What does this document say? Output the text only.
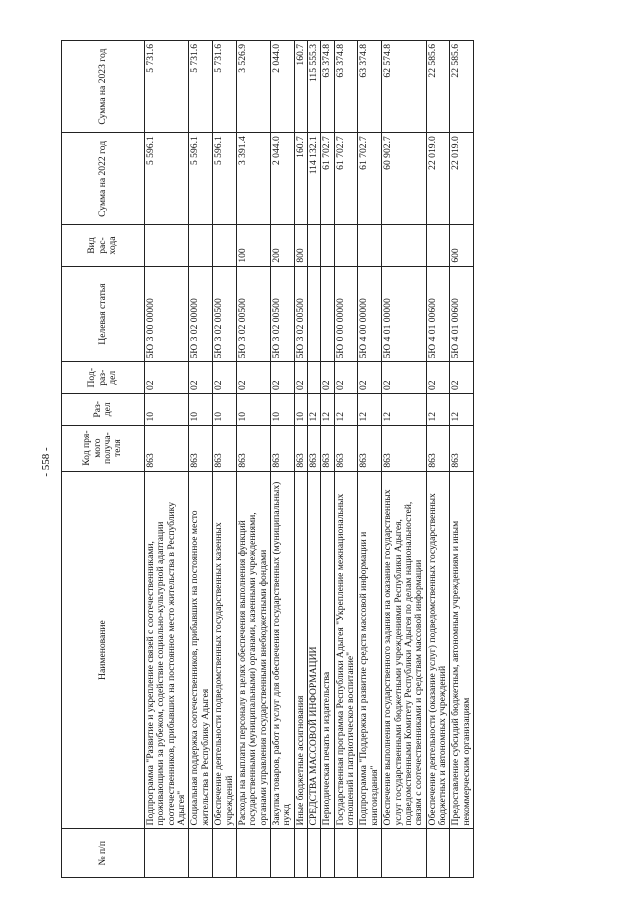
- 558 -
№ п/п	Наименование	Код пря-мого получа-теля	Раз-дел	Под-раз-дел	Целевая статья	Вид рас-хода	Сумма на 2022 год	Сумма на 2023 год
	Подпрограмма "Развитие и укрепление связей с соотечественниками, проживающими за рубежом, содействие социально-культурной адаптации соотечественников, прибывших на постоянное место жительства в Республику Адыгея"	863	10	02	5Ю 3 00 00000		5 596.1	5 731.6
	Социальная поддержка соотечественников, прибывших на постоянное место жительства в Республику Адыгея	863	10	02	5Ю 3 02 00000		5 596.1	5 731.6
	Обеспечение деятельности подведомственных государственных казенных учреждений	863	10	02	5Ю 3 02 00500		5 596.1	5 731.6
	Расходы на выплаты персоналу в целях обеспечения выполнения функций государственными (муниципальными) органами, казенными учреждениями, органами управления государственными внебюджетными фондами	863	10	02	5Ю 3 02 00500	100	3 391.4	3 526.9
	Закупка товаров, работ и услуг для обеспечения государственных (муниципальных) нужд	863	10	02	5Ю 3 02 00500	200	2 044.0	2 044.0
	Иные бюджетные ассигнования	863	10	02	5Ю 3 02 00500	800	160.7	160.7
	СРЕДСТВА МАССОВОЙ ИНФОРМАЦИИ	863	12				114 132.1	115 555.3
	Периодическая печать и издательства	863	12	02			61 702.7	63 374.8
	Государственная программа Республики Адыгея "Укрепление межнациональных отношений и патриотическое воспитание"	863	12	02	5Ю 0 00 00000		61 702.7	63 374.8
	Подпрограмма "Поддержка и развитие средств массовой информации и книгоиздания"	863	12	02	5Ю 4 00 00000		61 702.7	63 374.8
	Обеспечение выполнения государственного задания на оказание государственных услуг государственными бюджетными учреждениями Республики Адыгея, подведомственными Комитету Республики Адыгея по делам национальностей, связям с соотечественниками и средствам массовой информации	863	12	02	5Ю 4 01 00000		60 902.7	62 574.8
	Обеспечение деятельности (оказание услуг) подведомственных государственных бюджетных и автономных учреждений	863	12	02	5Ю 4 01 00600		22 019.0	22 585.6
	Предоставление субсидий бюджетным, автономным учреждениям и иным некоммерческим организациям	863	12	02	5Ю 4 01 00600	600	22 019.0	22 585.6
